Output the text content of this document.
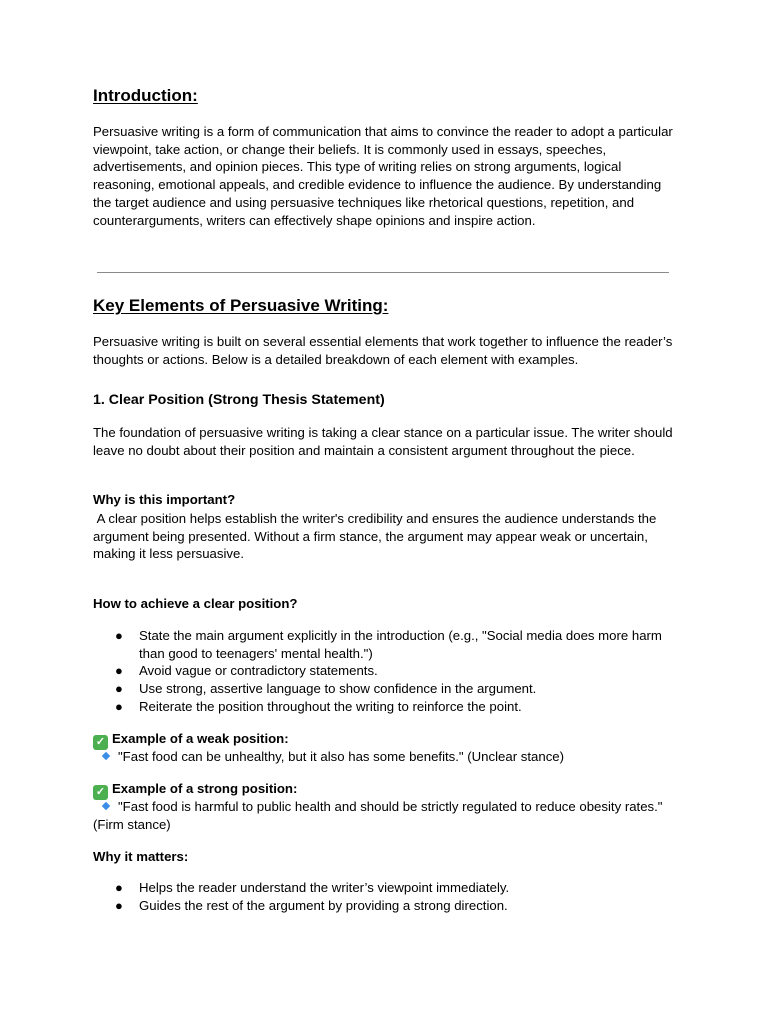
Introduction:

Persuasive writing is a form of communication that aims to convince the reader to adopt a particular viewpoint, take action, or change their beliefs. It is commonly used in essays, speeches, advertisements, and opinion pieces. This type of writing relies on strong arguments, logical reasoning, emotional appeals, and credible evidence to influence the audience. By understanding the target audience and using persuasive techniques like rhetorical questions, repetition, and counterarguments, writers can effectively shape opinions and inspire action.

Key Elements of Persuasive Writing:

Persuasive writing is built on several essential elements that work together to influence the reader’s thoughts or actions. Below is a detailed breakdown of each element with examples.

1. Clear Position (Strong Thesis Statement)

The foundation of persuasive writing is taking a clear stance on a particular issue. The writer should leave no doubt about their position and maintain a consistent argument throughout the piece.

Why is this important?

A clear position helps establish the writer's credibility and ensures the audience understands the argument being presented. Without a firm stance, the argument may appear weak or uncertain, making it less persuasive.

How to achieve a clear position?
● State the main argument explicitly in the introduction (e.g., "Social media does more harm than good to teenagers' mental health.")
● Avoid vague or contradictory statements.
● Use strong, assertive language to show confidence in the argument.
● Reiterate the position throughout the writing to reinforce the point.
✓ Example of a weak position:
"Fast food can be unhealthy, but it also has some benefits." (Unclear stance)
✓ Example of a strong position:
"Fast food is harmful to public health and should be strictly regulated to reduce obesity rates." (Firm stance)
Why it matters:
● Helps the reader understand the writer’s viewpoint immediately.
● Guides the rest of the argument by providing a strong direction.
